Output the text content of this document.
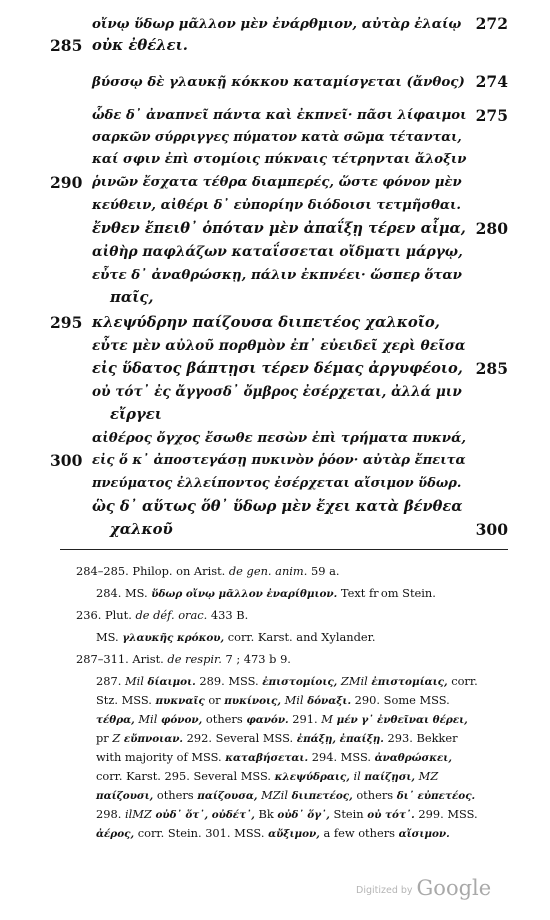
οἴνῳ ὕδωρ μᾶλλον μὲν ἐνάρθμιον, αὐτὰρ ἐλαίῳ 272
285 οὐκ ἐθέλει.
βύσσῳ δὲ γλαυκῇ κόκκου καταμίσγεται (ἄνθος) 274
ὧδε δ᾽ ἀναπνεῖ πάντα καὶ ἐκπνεῖ· πᾶσι λίφαιμοι 275
σαρκῶν σύρριγγες πύματον κατὰ σῶμα τέτανται,
καί σφιν ἐπὶ στομίοις πύκναις τέτρηνται ἄλοξιν
290 ῥινῶν ἔσχατα τέθρα διαμπερές, ὥστε φόνον μὲν
κεύθειν, αἰθέρι δ᾽ εὐπορίην διόδοισι τετμῆσθαι.
ἔνθεν ἔπειθ᾽ ὁπόταν μὲν ἀπαΐξῃ τέρεν αἷμα, 280
αἰθὴρ παφλάζων καταΐσσεται οἴδματι μάργῳ,
εὖτε δ᾽ ἀναθρώσκῃ, πάλιν ἐκπνέει· ὥσπερ ὅταν
παῖς,
295 κλεψύδρην παίζουσα διιπετέος χαλκοῖο,
εὖτε μὲν αὐλοῦ πορθμὸν ἐπ᾽ εὐειδεῖ χερὶ θεῖσα
εἰς ὕδατος βάπτῃσι τέρεν δέμας ἀργυφέοιο, 285
οὐ τότ᾽ ἐς ἄγγοσδ᾽ ὄμβρος ἐσέρχεται, ἀλλά μιν
εἴργει
αἰθέρος ὄγχος ἔσωθε πεσὼν ἐπὶ τρήματα πυκνά,
300 εἰς ὅ κ᾽ ἀποστεγάσῃ πυκινὸν ῥόον· αὐτὰρ ἔπειτα
πνεύματος ἐλλείποντος ἐσέρχεται αἴσιμον ὕδωρ.
ὣς δ᾽ αὕτως ὅθ᾽ ὕδωρ μὲν ἔχει κατὰ βένθεα
χαλκοῦ	300
284–285. Philop. on Arist. de gen. anim. 59 a.
284. MS. ὕδωρ οἴνῳ μᾶλλον ἐναρίθμιον. Text fr om Stein.
236. Plut. de déf. orac. 433 B.
MS. γλαυκῆς κρόκου, corr. Karst. and Xylander.
287–311. Arist. de respir. 7 ; 473 b 9.
287. Mil δίαιμοι. 289. MSS. ἐπιστομίοις, ZMil ἐπιστομίαις, corr.
Stz. MSS. πυκναῖς or πυκίνοις, Mil δόναξι. 290. Some MSS.
τέθρα, Mil φόνον, others φανόν. 291. M μέν γ᾽ ἐνθεῖναι θέρει,
pr Z εὔπνοιαν. 292. Several MSS. ἐπάξῃ, ἐπαίξῃ. 293. Bekker
with majority of MSS. καταβήσεται. 294. MSS. ἀναθρώσκει,
corr. Karst. 295. Several MSS. κλεψύδραις, il παίζῃσι, MZ
παίζουσι, others παίζουσα, MZil διιπετέος, others δι᾽ εὐπετέος.
298. ilMZ οὐδ᾽ ὅτ᾽, οὐδέτ᾽, Bk οὐδ᾽ ὅγ᾽, Stein οὐ τότ᾽. 299. MSS.
ἀέρος, corr. Stein. 301. MSS. αὔξιμον, a few others αἴσιμον.
Digitized by Google
